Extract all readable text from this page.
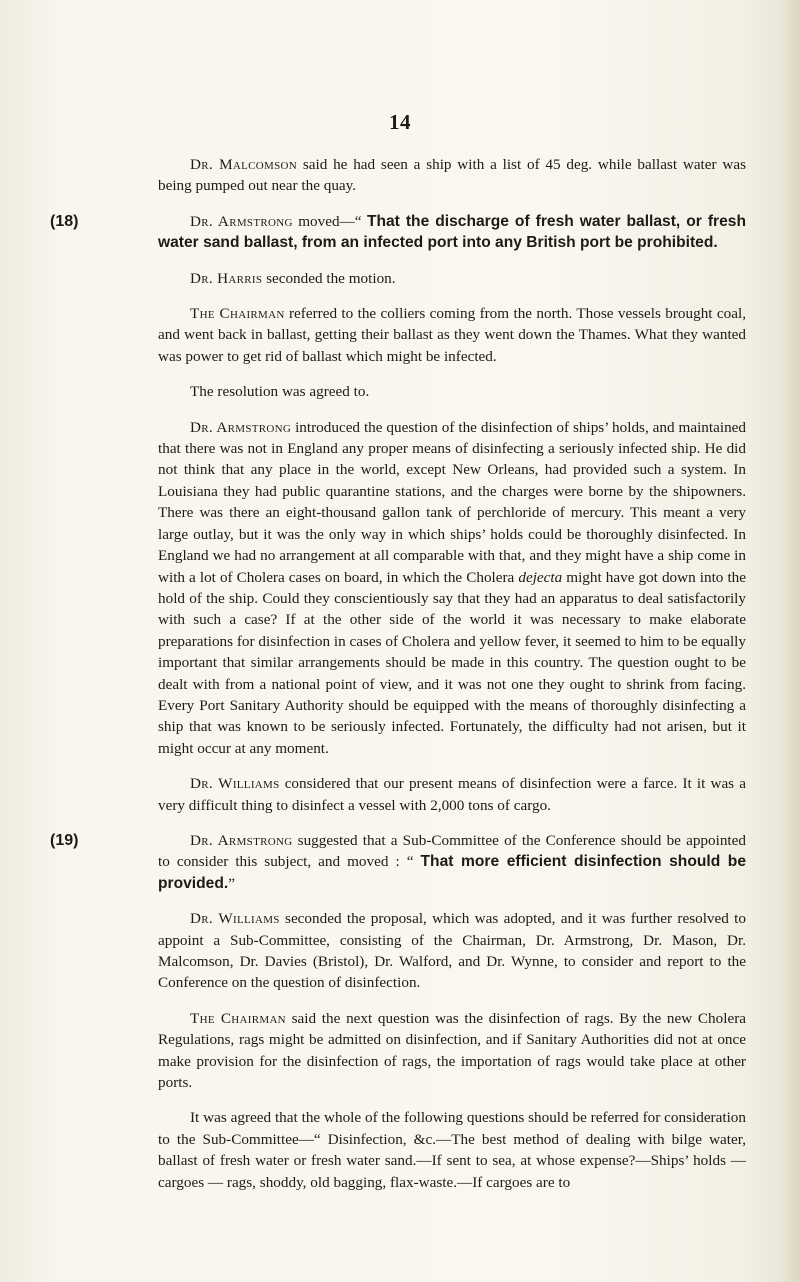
14

Dr. Malcomson said he had seen a ship with a list of 45 deg. while ballast water was being pumped out near the quay.

(18)	Dr. Armstrong moved—“ That the discharge of fresh water ballast, or fresh water sand ballast, from an infected port into any British port be prohibited.

Dr. Harris seconded the motion.

The Chairman referred to the colliers coming from the north. Those vessels brought coal, and went back in ballast, getting their ballast as they went down the Thames. What they wanted was power to get rid of ballast which might be infected.

The resolution was agreed to.

Dr. Armstrong introduced the question of the disinfection of ships’ holds, and maintained that there was not in England any proper means of disinfecting a seriously infected ship. He did not think that any place in the world, except New Orleans, had provided such a system. In Louisiana they had public quarantine stations, and the charges were borne by the shipowners. There was there an eight-thousand gallon tank of perchloride of mercury. This meant a very large outlay, but it was the only way in which ships’ holds could be thoroughly disinfected. In England we had no arrangement at all comparable with that, and they might have a ship come in with a lot of Cholera cases on board, in which the Cholera dejecta might have got down into the hold of the ship. Could they conscientiously say that they had an apparatus to deal satisfactorily with such a case? If at the other side of the world it was necessary to make elaborate preparations for disinfection in cases of Cholera and yellow fever, it seemed to him to be equally important that similar arrangements should be made in this country. The question ought to be dealt with from a national point of view, and it was not one they ought to shrink from facing. Every Port Sanitary Authority should be equipped with the means of thoroughly disinfecting a ship that was known to be seriously infected. Fortunately, the difficulty had not arisen, but it might occur at any moment.

Dr. Williams considered that our present means of disinfection were a farce. It it was a very difficult thing to disinfect a vessel with 2,000 tons of cargo.

(19)	Dr. Armstrong suggested that a Sub-Committee of the Conference should be appointed to consider this subject, and moved : “ That more efficient disinfection should be provided.”

Dr. Williams seconded the proposal, which was adopted, and it was further resolved to appoint a Sub-Committee, consisting of the Chairman, Dr. Armstrong, Dr. Mason, Dr. Malcomson, Dr. Davies (Bristol), Dr. Walford, and Dr. Wynne, to consider and report to the Conference on the question of disinfection.

The Chairman said the next question was the disinfection of rags. By the new Cholera Regulations, rags might be admitted on disinfection, and if Sanitary Authorities did not at once make provision for the disinfection of rags, the importation of rags would take place at other ports.

It was agreed that the whole of the following questions should be referred for consideration to the Sub-Committee—“ Disinfection, &c.—The best method of dealing with bilge water, ballast of fresh water or fresh water sand.—If sent to sea, at whose expense?—Ships’ holds — cargoes — rags, shoddy, old bagging, flax-waste.—If cargoes are to
